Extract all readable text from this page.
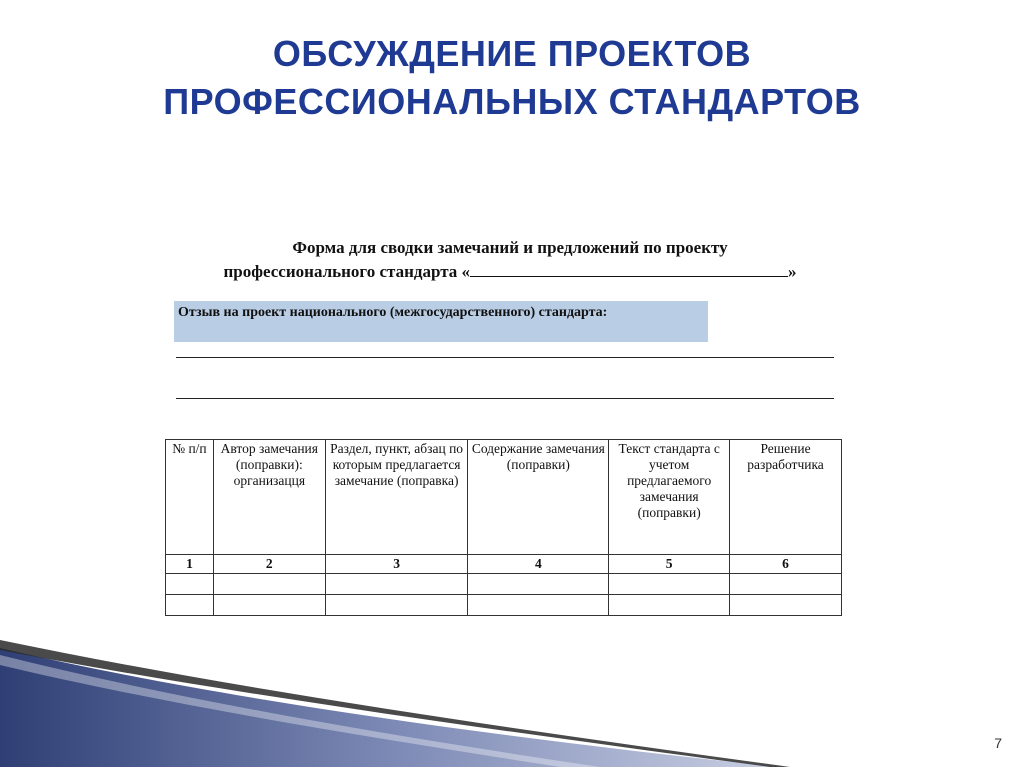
ОБСУЖДЕНИЕ ПРОЕКТОВ
ПРОФЕССИОНАЛЬНЫХ СТАНДАРТОВ
Форма для сводки замечаний и предложений по проекту
профессионального стандарта «	»
Отзыв на проект национального (межгосударственного) стандарта:
№ п/п	Автор замечания (поправки): организацця	Раздел, пункт, абзац по которым предлагается замечание (поправка)	Содержание замечания (поправки)	Текст стандарта с учетом предлагаемого замечания (поправки)	Решение разработчика
1	2	3	4	5	6

7
